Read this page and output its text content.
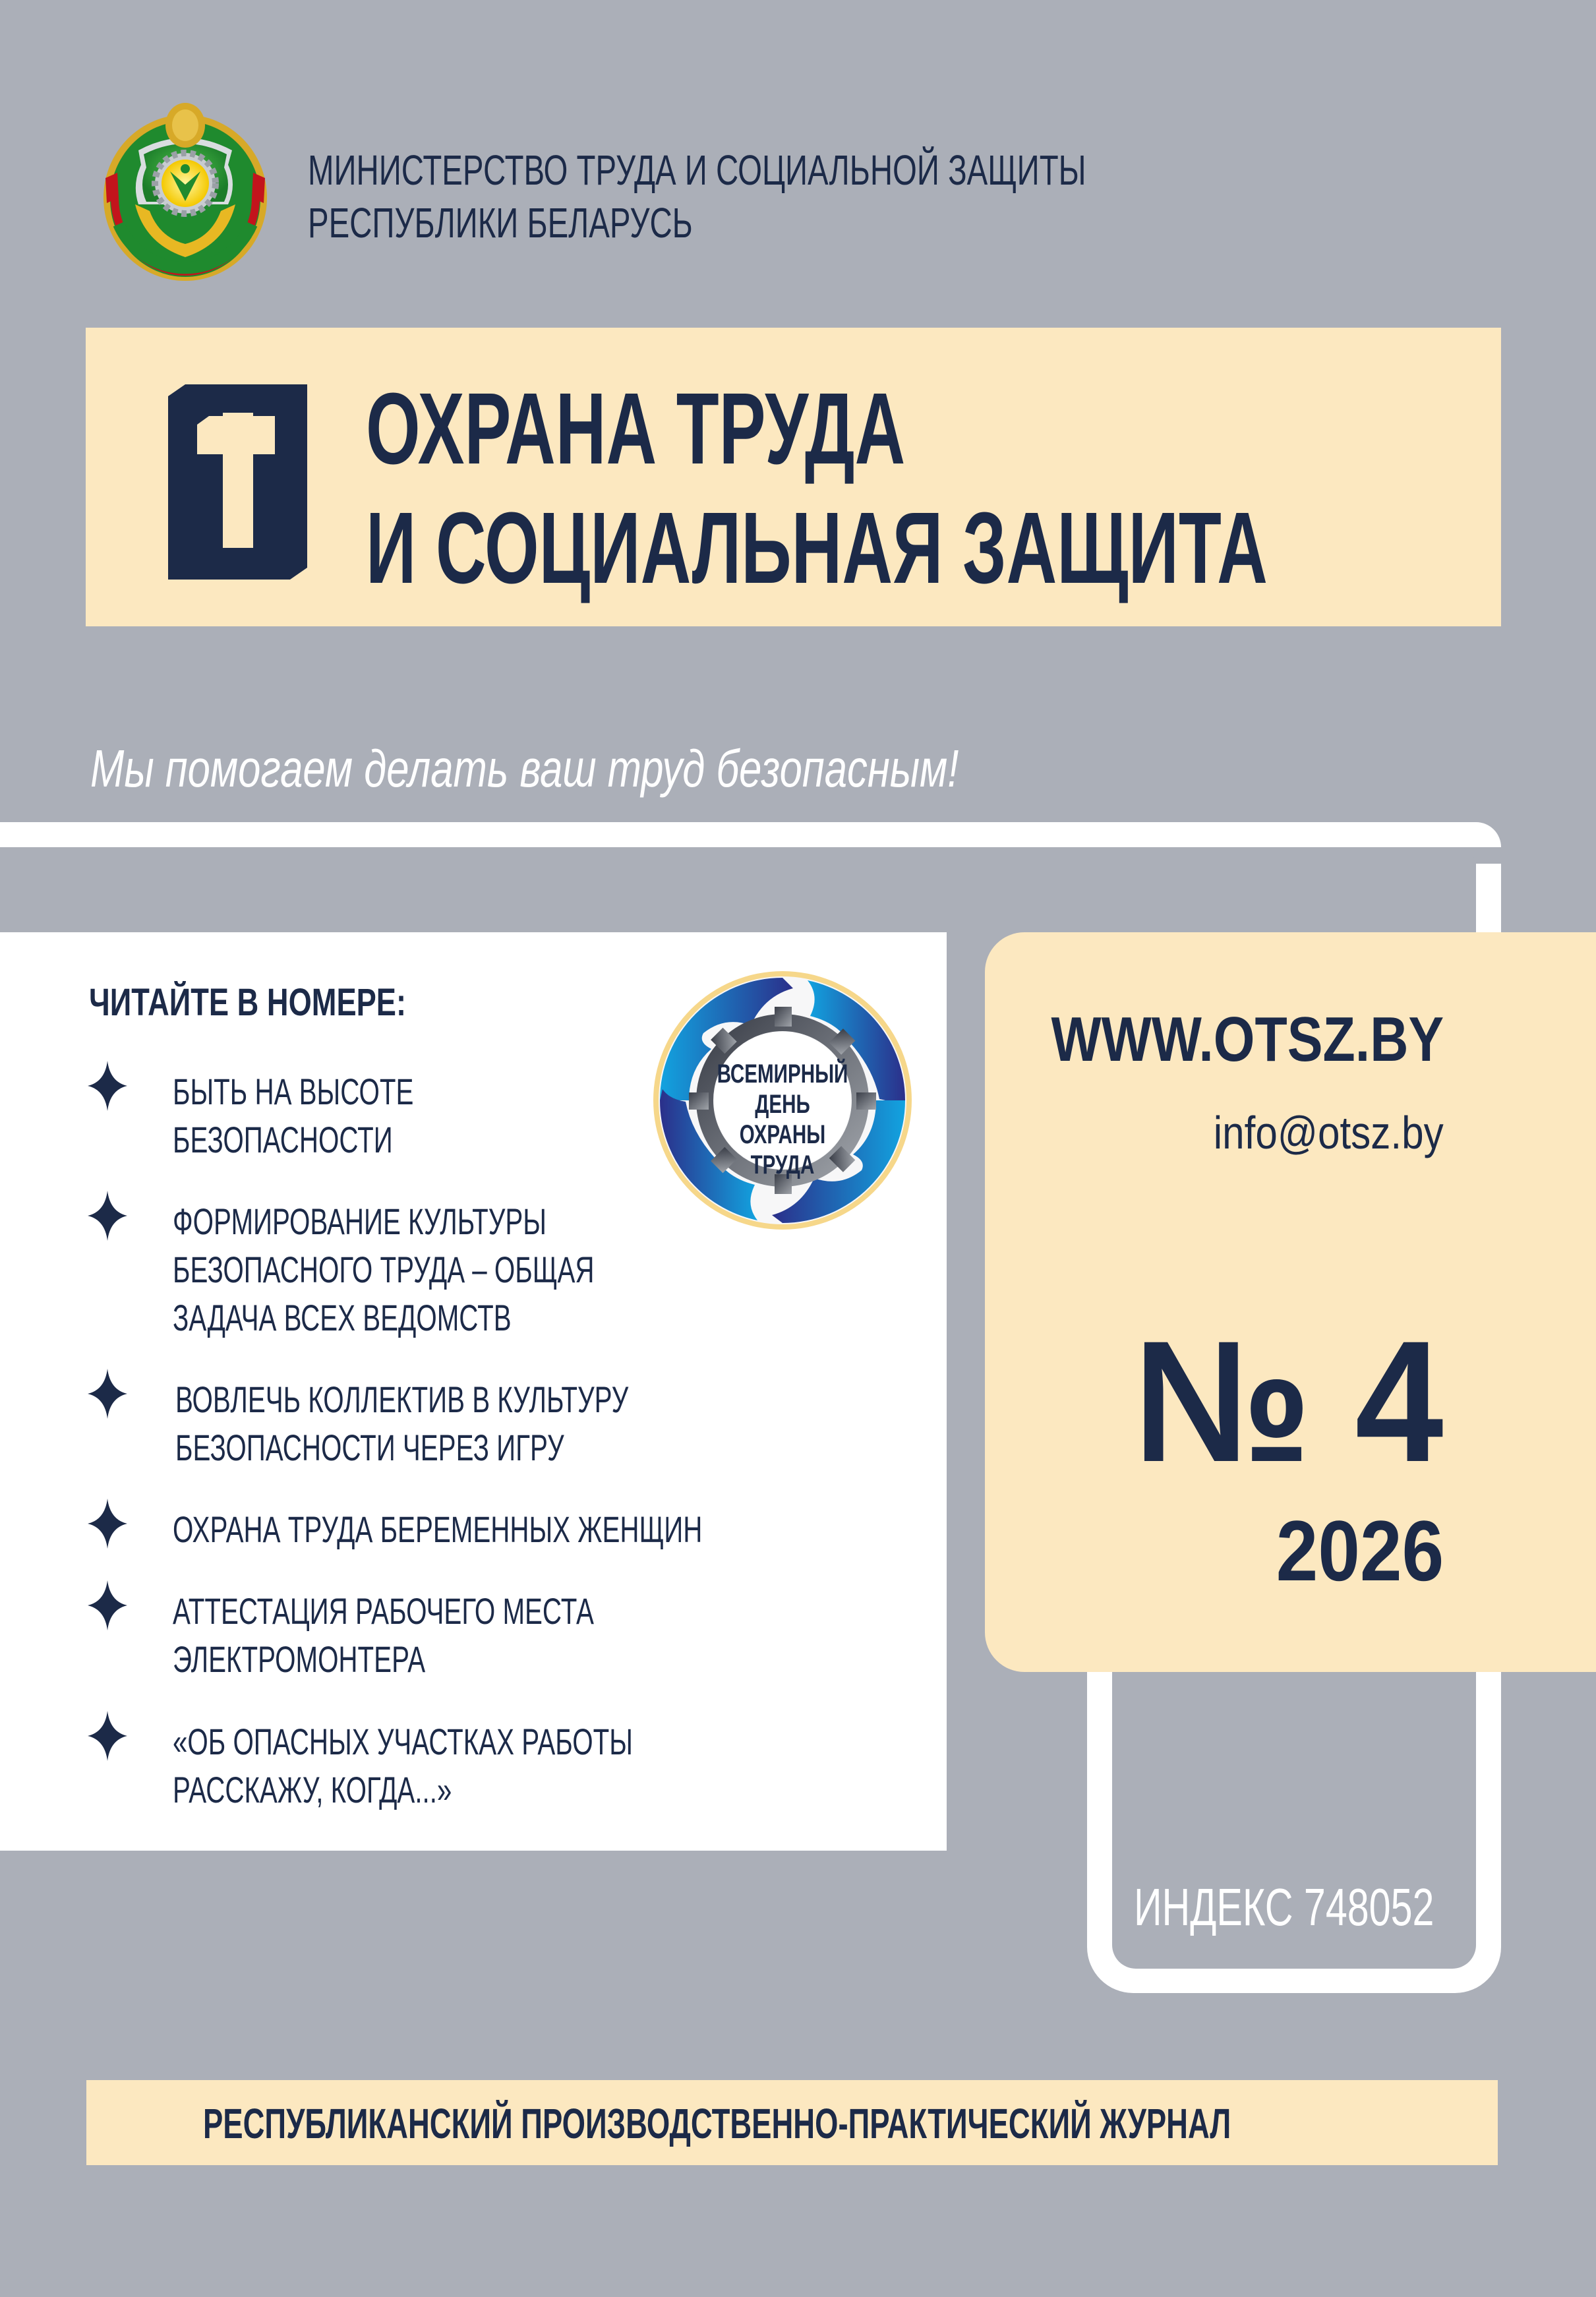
МИНИСТЕРСТВО ТРУДА И СОЦИАЛЬНОЙ ЗАЩИТЫ
РЕСПУБЛИКИ БЕЛАРУСЬ
ОХРАНА ТРУДА
И СОЦИАЛЬНАЯ ЗАЩИТА
Мы помогаем делать ваш труд безопасным!
ЧИТАЙТЕ В НОМЕРЕ:
БЫТЬ НА ВЫСОТЕ
БЕЗОПАСНОСТИ
ФОРМИРОВАНИЕ КУЛЬТУРЫ
БЕЗОПАСНОГО ТРУДА – ОБЩАЯ
ЗАДАЧА ВСЕХ ВЕДОМСТВ
ВОВЛЕЧЬ КОЛЛЕКТИВ В КУЛЬТУРУ
БЕЗОПАСНОСТИ ЧЕРЕЗ ИГРУ
ОХРАНА ТРУДА БЕРЕМЕННЫХ ЖЕНЩИН
АТТЕСТАЦИЯ РАБОЧЕГО МЕСТА
ЭЛЕКТРОМОНТЕРА
«ОБ ОПАСНЫХ УЧАСТКАХ РАБОТЫ
РАССКАЖУ, КОГДА...»
ВСЕМИРНЫЙ
ДЕНЬ
ОХРАНЫ
ТРУДА
WWW.OTSZ.BY
info@otsz.by
№ 4
2026
ИНДЕКС 748052
РЕСПУБЛИКАНСКИЙ ПРОИЗВОДСТВЕННО-ПРАКТИЧЕСКИЙ ЖУРНАЛ
